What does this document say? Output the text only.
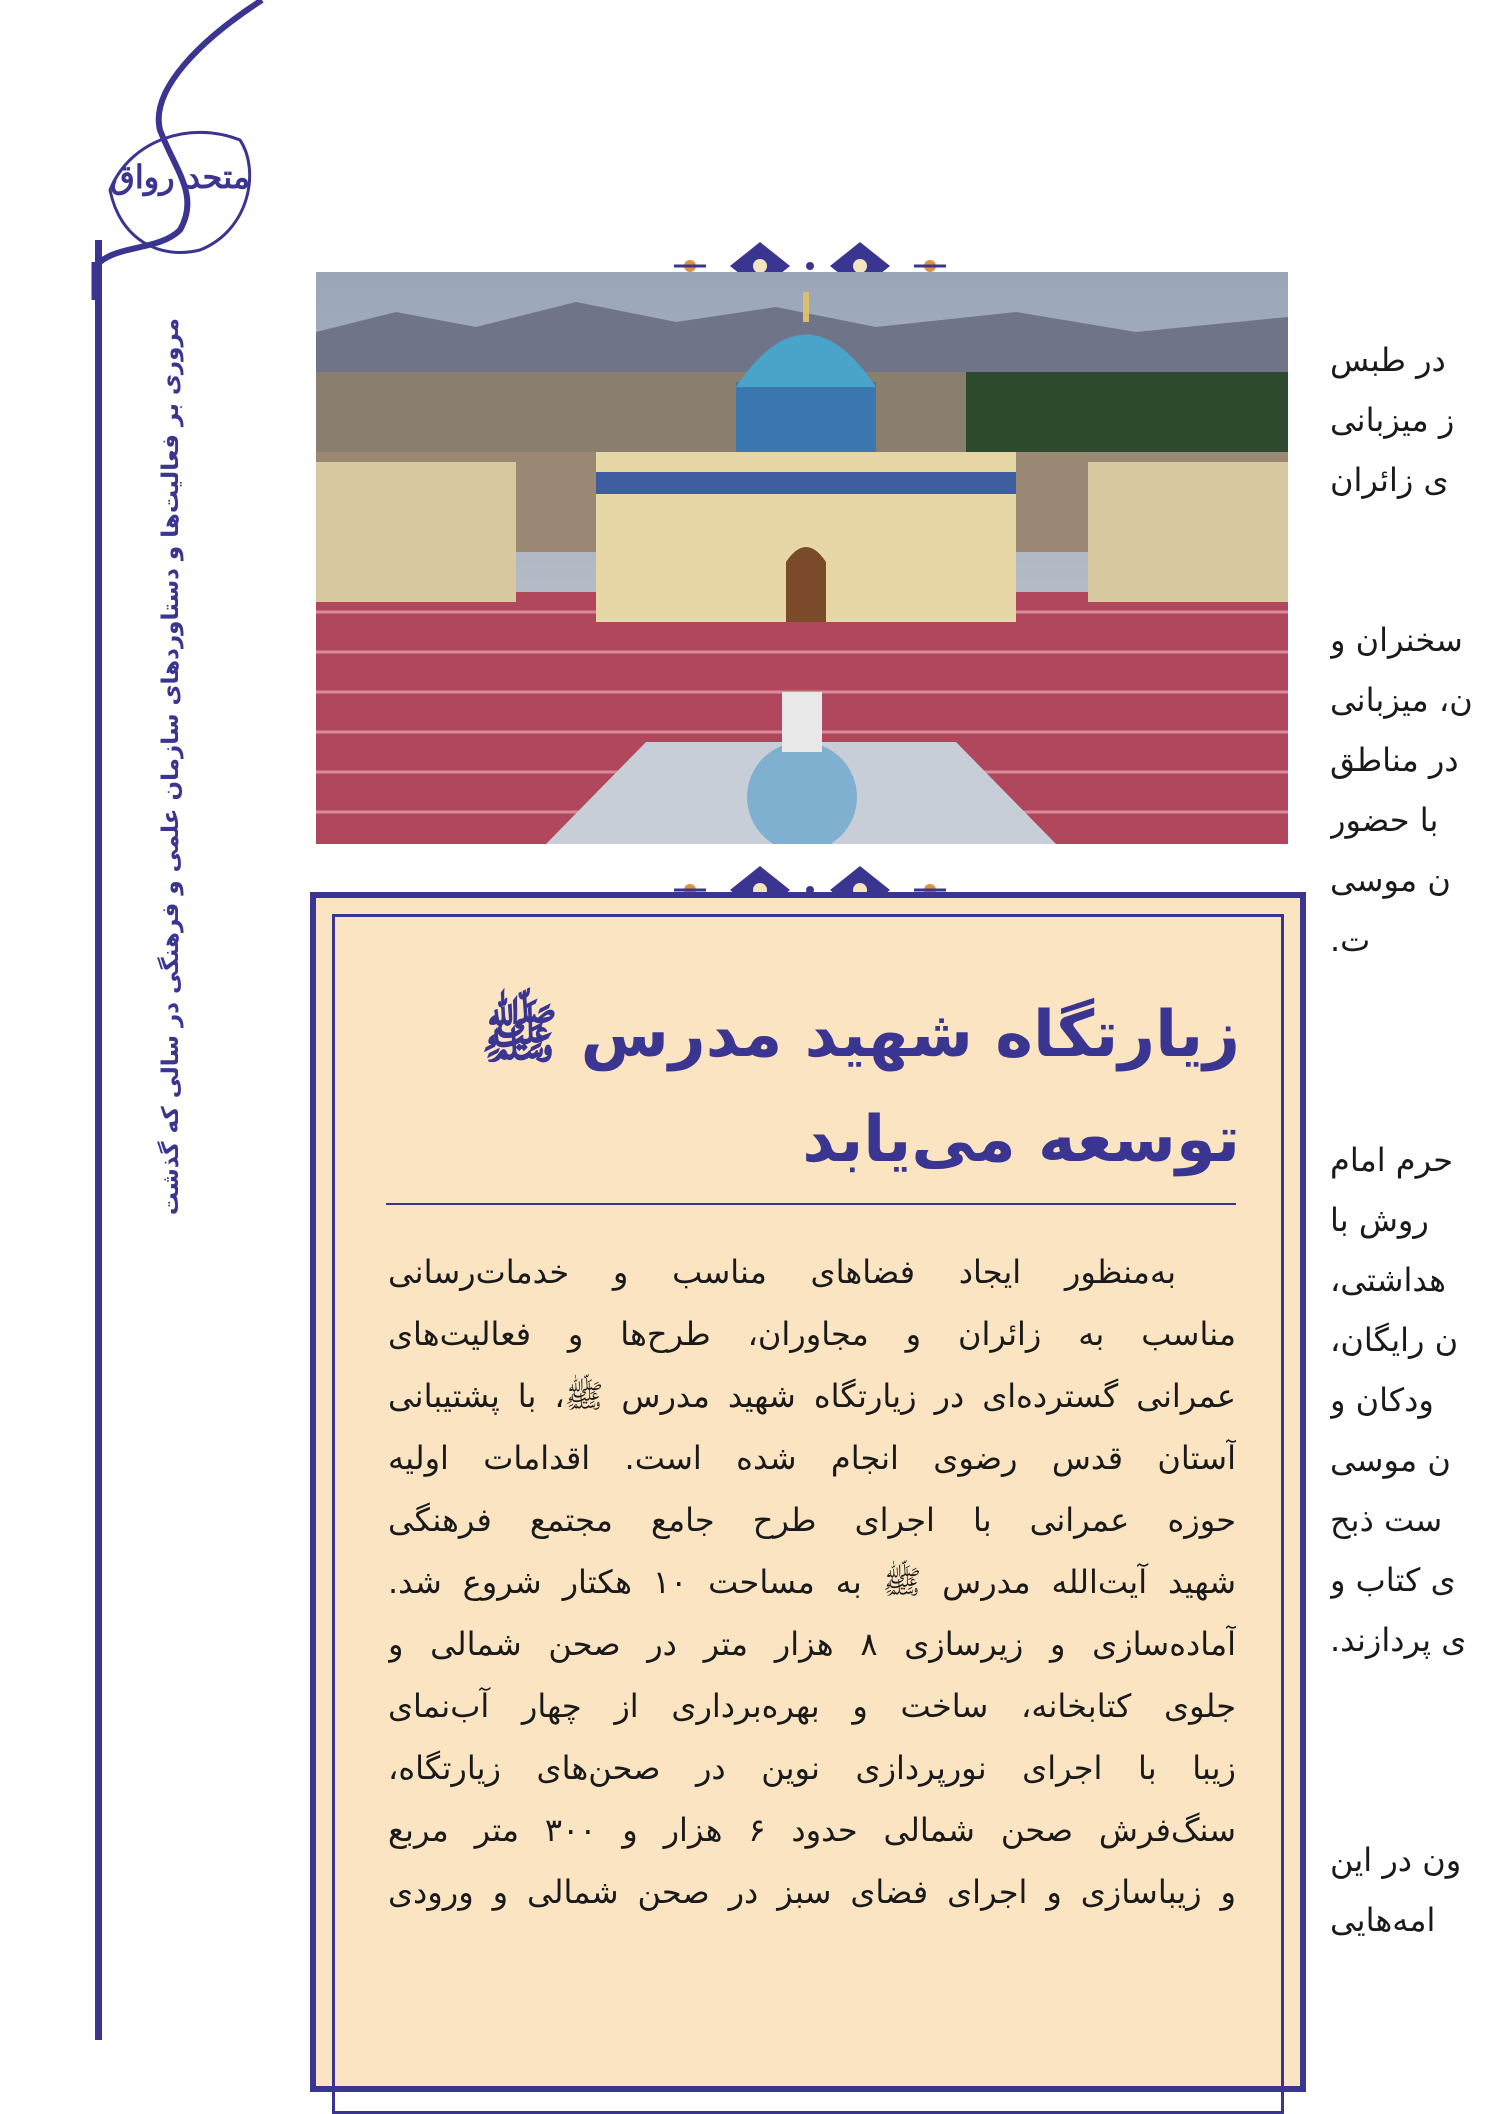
متحد رواق
مروری بر فعالیت‌ها و دستاوردهای سازمان علمی و فرهنگی در سالی که گذشت	زیارتگاه شهید مدرس ﷺ
توسعه می‌یابد
به‌منظور ایجاد فضاهای مناسب و خدمات‌رسانی
مناسب به زائران و مجاوران، طرح‌ها و فعالیت‌های
عمرانی گسترده‌ای در زیارتگاه شهید مدرس ﷺ، با پشتیبانی
آستان قدس رضوی انجام شده است. اقدامات اولیه
حوزه عمرانی با اجرای طرح جامع مجتمع فرهنگی
شهید آیت‌الله مدرس ﷺ به مساحت ۱۰ هکتار شروع شد.
آماده‌سازی و زیرسازی ۸ هزار متر در صحن شمالی و
جلوی کتابخانه، ساخت و بهره‌برداری از چهار آب‌نمای
زیبا با اجرای نورپردازی نوین در صحن‌های زیارتگاه،
سنگ‌فرش صحن شمالی حدود ۶ هزار و ۳۰۰ متر مربع
و زیباسازی و اجرای فضای سبز در صحن شمالی و ورودی
در طبس
ز میزبانی
ی زائران
سخنران و
ن، میزبانی
در مناطق
با حضور
ن موسی
ت.
حرم امام
روش با
هداشتی،
ن رایگان،
ودکان و
ن موسی
ست ذبح
ی کتاب و
ی پردازند.
ون در این
امه‌هایی
